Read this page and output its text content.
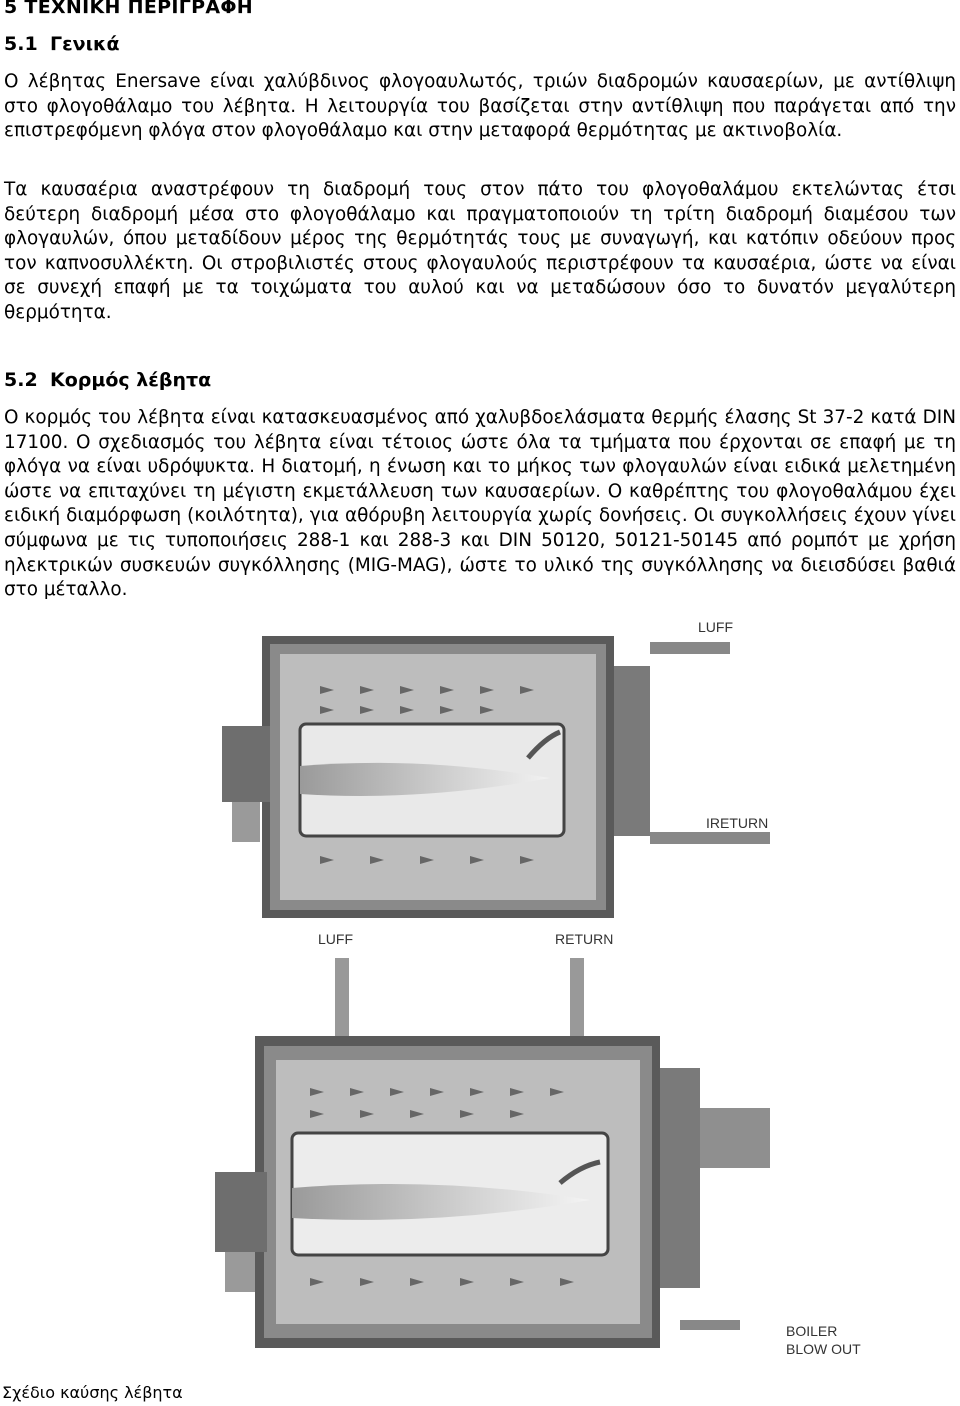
5 ΤΕΧΝΙΚΗ ΠΕΡΙΓΡΑΦΗ
5.1 Γενικά

Ο λέβητας Enersave είναι χαλύβδινος φλογοαυλωτός, τριών διαδρομών καυσαερίων, με αντίθλιψη στο φλογοθάλαμο του λέβητα. Η λειτουργία του βασίζεται στην αντίθλιψη που παράγεται από την επιστρεφόμενη φλόγα στον φλογοθάλαμο και στην μεταφορά θερμότητας με ακτινοβολία.

Τα καυσαέρια αναστρέφουν τη διαδρομή τους στον πάτο του φλογοθαλάμου εκτελώντας έτσι δεύτερη διαδρομή μέσα στο φλογοθάλαμο και πραγματοποιούν τη τρίτη διαδρομή διαμέσου των φλογαυλών, όπου μεταδίδουν μέρος της θερμότητάς τους με συναγωγή, και κατόπιν οδεύουν προς τον καπνοσυλλέκτη. Οι στροβιλιστές στους φλογαυλούς περιστρέφουν τα καυσαέρια, ώστε να είναι σε συνεχή επαφή με τα τοιχώματα του αυλού και να μεταδώσουν όσο το δυνατόν μεγαλύτερη θερμότητα.

5.2 Κορμός λέβητα

Ο κορμός του λέβητα είναι κατασκευασμένος από χαλυβδοελάσματα θερμής έλασης St 37-2 κατά DIN 17100. Ο σχεδιασμός του λέβητα είναι τέτοιος ώστε όλα τα τμήματα που έρχονται σε επαφή με τη φλόγα να είναι υδρόψυκτα. Η διατομή, η ένωση και το μήκος των φλογαυλών είναι ειδικά μελετημένη ώστε να επιταχύνει τη μέγιστη εκμετάλλευση των καυσαερίων. Ο καθρέπτης του φλογοθαλάμου έχει ειδική διαμόρφωση (κοιλότητα), για αθόρυβη λειτουργία χωρίς δονήσεις. Οι συγκολλήσεις έχουν γίνει σύμφωνα με τις τυποποιήσεις 288-1 και 288-3 και DIN 50120, 50121-50145 από ρομπότ με χρήση ηλεκτρικών συσκευών συγκόλλησης (MIG-MAG), ώστε το υλικό της συγκόλλησης να διεισδύσει βαθιά στο μέταλλο.

LUFF
IRETURN
LUFF	RETURN
BOILER
BLOW OUT
Σχέδιο καύσης λέβητα
